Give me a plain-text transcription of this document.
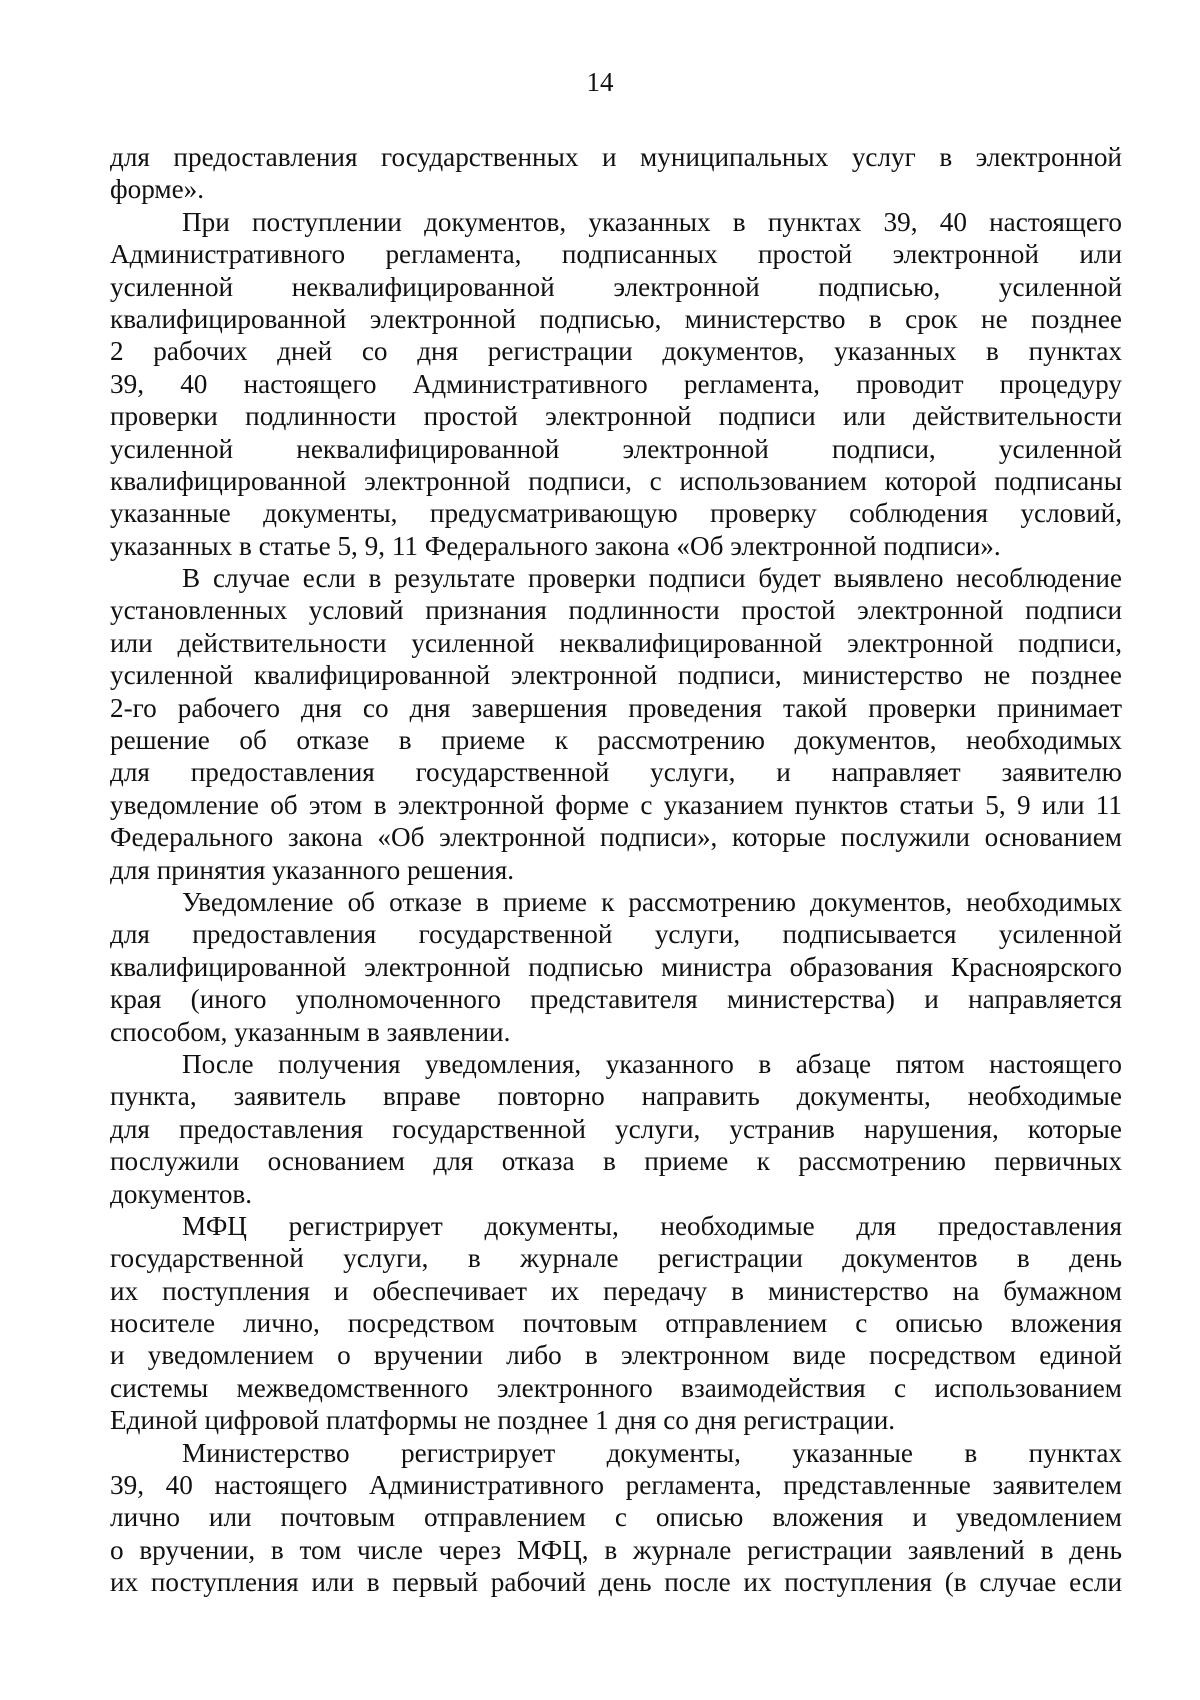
14
для предоставления государственных и муниципальных услуг в электронной
форме».
При поступлении документов, указанных в пунктах 39, 40 настоящего
Административного регламента, подписанных простой электронной или
усиленной неквалифицированной электронной подписью, усиленной
квалифицированной электронной подписью, министерство в срок не позднее
2 рабочих дней со дня регистрации документов, указанных в пунктах
39, 40 настоящего Административного регламента, проводит процедуру
проверки подлинности простой электронной подписи или действительности
усиленной неквалифицированной электронной подписи, усиленной
квалифицированной электронной подписи, с использованием которой подписаны
указанные документы, предусматривающую проверку соблюдения условий,
указанных в статье 5, 9, 11 Федерального закона «Об электронной подписи».
В случае если в результате проверки подписи будет выявлено несоблюдение
установленных условий признания подлинности простой электронной подписи
или действительности усиленной неквалифицированной электронной подписи,
усиленной квалифицированной электронной подписи, министерство не позднее
2-го рабочего дня со дня завершения проведения такой проверки принимает
решение об отказе в приеме к рассмотрению документов, необходимых
для предоставления государственной услуги, и направляет заявителю
уведомление об этом в электронной форме с указанием пунктов статьи 5, 9 или 11
Федерального закона «Об электронной подписи», которые послужили основанием
для принятия указанного решения.
Уведомление об отказе в приеме к рассмотрению документов, необходимых
для предоставления государственной услуги, подписывается усиленной
квалифицированной электронной подписью министра образования Красноярского
края (иного уполномоченного представителя министерства) и направляется
способом, указанным в заявлении.
После получения уведомления, указанного в абзаце пятом настоящего
пункта, заявитель вправе повторно направить документы, необходимые
для предоставления государственной услуги, устранив нарушения, которые
послужили основанием для отказа в приеме к рассмотрению первичных
документов.
МФЦ регистрирует документы, необходимые для предоставления
государственной услуги, в журнале регистрации документов в день
их поступления и обеспечивает их передачу в министерство на бумажном
носителе лично, посредством почтовым отправлением с описью вложения
и уведомлением о вручении либо в электронном виде посредством единой
системы межведомственного электронного взаимодействия с использованием
Единой цифровой платформы не позднее 1 дня со дня регистрации.
Министерство регистрирует документы, указанные в пунктах
39, 40 настоящего Административного регламента, представленные заявителем
лично или почтовым отправлением с описью вложения и уведомлением
о вручении, в том числе через МФЦ, в журнале регистрации заявлений в день
их поступления или в первый рабочий день после их поступления (в случае если
